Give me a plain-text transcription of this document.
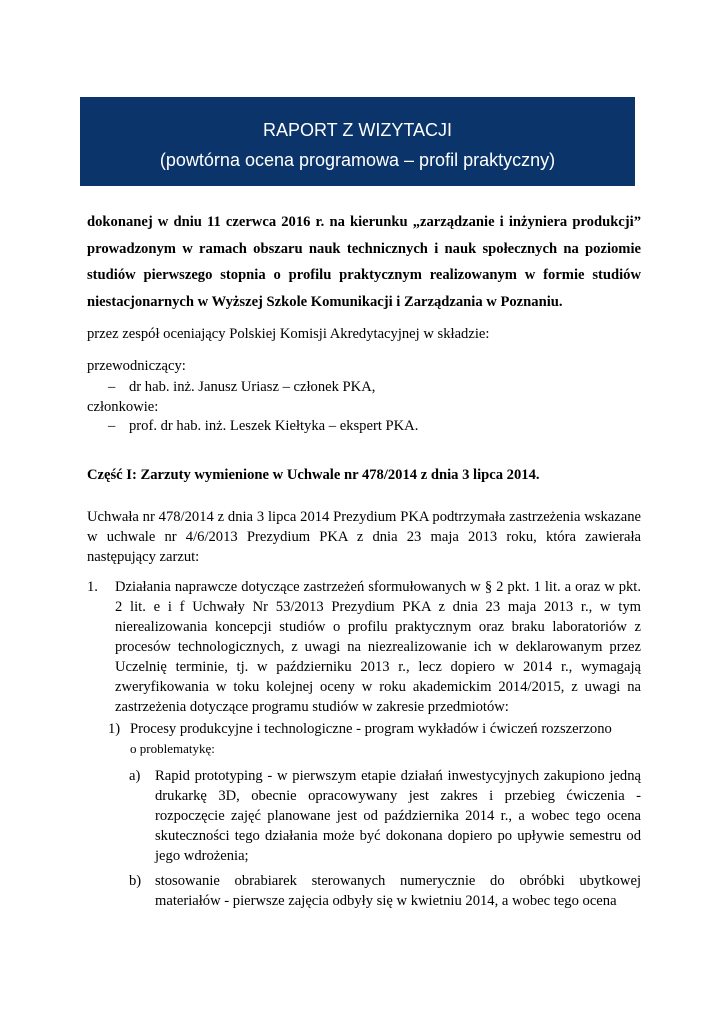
RAPORT Z WIZYTACJI
(powtórna ocena programowa – profil praktyczny)
dokonanej w dniu 11 czerwca 2016 r. na kierunku „zarządzanie i inżyniera produkcji” prowadzonym w ramach obszaru nauk technicznych i nauk społecznych na poziomie studiów pierwszego stopnia o profilu praktycznym realizowanym w formie studiów niestacjonarnych w Wyższej Szkole Komunikacji i Zarządzania w Poznaniu.
przez zespół oceniający Polskiej Komisji Akredytacyjnej w składzie:
przewodniczący:
– dr hab. inż. Janusz Uriasz – członek PKA,
członkowie:
– prof. dr hab. inż. Leszek Kiełtyka – ekspert PKA.
Część I: Zarzuty wymienione w Uchwale nr 478/2014 z dnia 3 lipca 2014.
Uchwała nr 478/2014 z dnia 3 lipca 2014 Prezydium PKA podtrzymała zastrzeżenia wskazane w uchwale nr 4/6/2013 Prezydium PKA z dnia 23 maja 2013 roku, która zawierała następujący zarzut:
1. Działania naprawcze dotyczące zastrzeżeń sformułowanych w § 2 pkt. 1 lit. a oraz w pkt. 2 lit. e i f Uchwały Nr 53/2013 Prezydium PKA z dnia 23 maja 2013 r., w tym nierealizowania koncepcji studiów o profilu praktycznym oraz braku laboratoriów z procesów technologicznych, z uwagi na niezrealizowanie ich w deklarowanym przez Uczelnię terminie, tj. w październiku 2013 r., lecz dopiero w 2014 r., wymagają zweryfikowania w toku kolejnej oceny w roku akademickim 2014/2015, z uwagi na zastrzeżenia dotyczące programu studiów w zakresie przedmiotów:
1) Procesy produkcyjne i technologiczne - program wykładów i ćwiczeń rozszerzono
o problematykę:
a) Rapid prototyping - w pierwszym etapie działań inwestycyjnych zakupiono jedną drukarkę 3D, obecnie opracowywany jest zakres i przebieg ćwiczenia - rozpoczęcie zajęć planowane jest od października 2014 r., a wobec tego ocena skuteczności tego działania może być dokonana dopiero po upływie semestru od jego wdrożenia;
b) stosowanie obrabiarek sterowanych numerycznie do obróbki ubytkowej materiałów - pierwsze zajęcia odbyły się w kwietniu 2014, a wobec tego ocena
